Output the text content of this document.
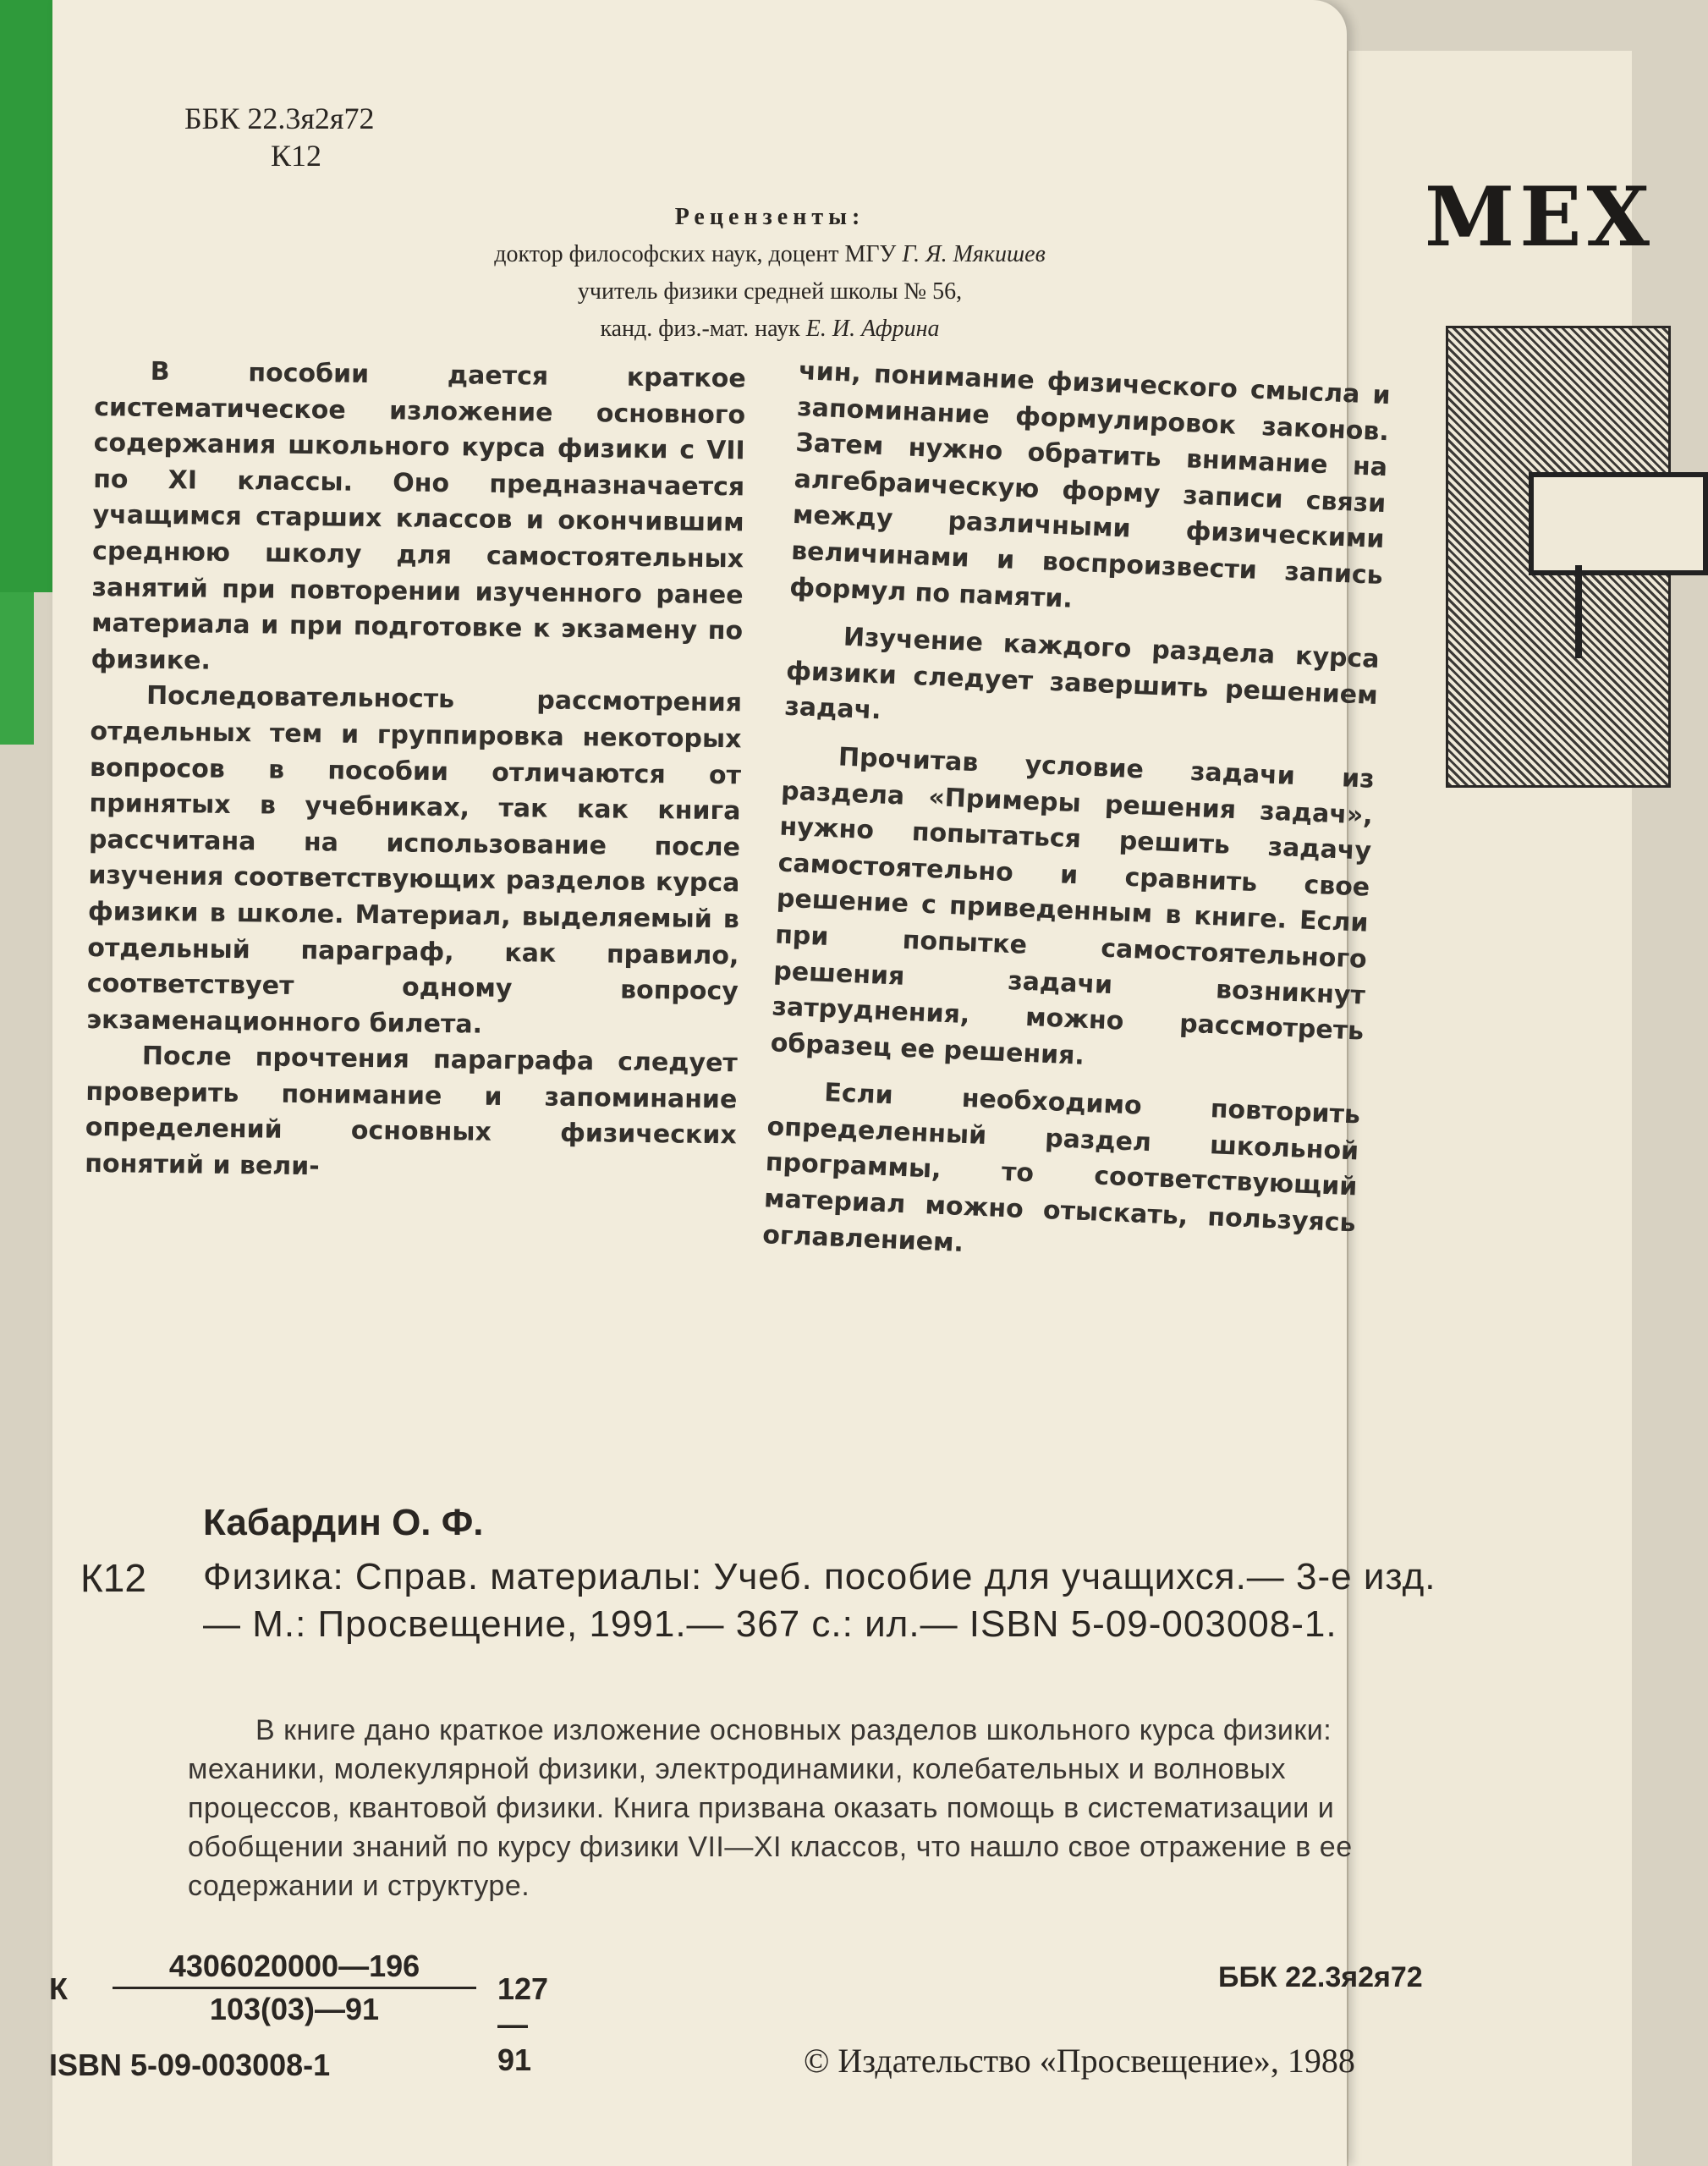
МЕХ
ББК 22.3я2я72
К12
Рецензенты:
доктор философских наук, доцент МГУ Г. Я. Мякишев
учитель физики средней школы № 56,
канд. физ.-мат. наук Е. И. Африна

В пособии дается краткое систематическое изложение основного содержания школьного курса физики с VII по XI классы. Оно предназначается учащимся старших классов и окончившим среднюю школу для самостоятельных занятий при повторении изученного ранее материала и при подготовке к экзамену по физике.

Последовательность рассмотрения отдельных тем и группировка некоторых вопросов в пособии отличаются от принятых в учебниках, так как книга рассчитана на использование после изучения соответствующих разделов курса физики в школе. Материал, выделяемый в отдельный параграф, как правило, соответствует одному вопросу экзаменационного билета.

После прочтения параграфа следует проверить понимание и запоминание определений основных физических понятий и вели-

чин, понимание физического смысла и запоминание формулировок законов. Затем нужно обратить внимание на алгебраическую форму записи связи между различными физическими величинами и воспроизвести запись формул по памяти.

Изучение каждого раздела курса физики следует завершить решением задач.

Прочитав условие задачи из раздела «Примеры решения задач», нужно попытаться решить задачу самостоятельно и сравнить свое решение с приведенным в книге. Если при попытке самостоятельного решения задачи возникнут затруднения, можно рассмотреть образец ее решения.

Если необходимо повторить определенный раздел школьной программы, то соответствующий материал можно отыскать, пользуясь оглавлением.

Кабардин О. Ф.
К12 Физика: Справ. материалы: Учеб. пособие для учащихся.— 3-е изд. — М.: Просвещение, 1991.— 367 с.: ил.— ISBN 5-09-003008-1.

В книге дано краткое изложение основных разделов школьного курса физики: механики, молекулярной физики, электродинамики, колебательных и волновых процессов, квантовой физики. Книга призвана оказать помощь в систематизации и обобщении знаний по курсу физики VII—XI классов, что нашло свое отражение в ее содержании и структуре.

К $\frac{4306020000—196}{103(03)—91}$ 127—91
ББК 22.3я2я72
ISBN 5-09-003008-1	© Издательство «Просвещение», 1988
